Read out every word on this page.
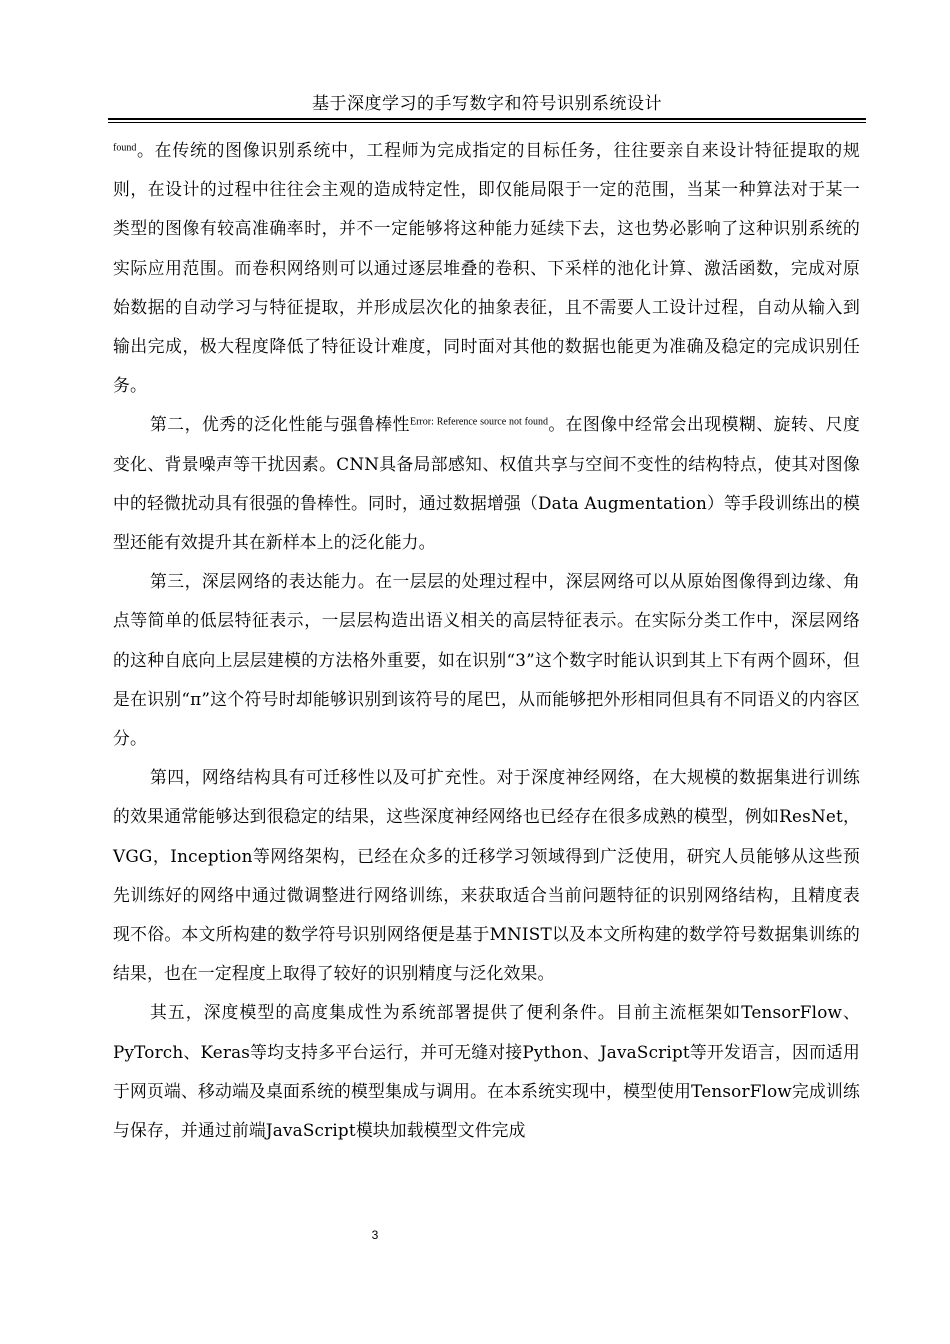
基于深度学习的手写数字和符号识别系统设计

$^{found}$。在传统的图像识别系统中，工程师为完成指定的目标任务，往往要亲自来设计特征提取的规则，在设计的过程中往往会主观的造成特定性，即仅能局限于一定的范围，当某一种算法对于某一类型的图像有较高准确率时，并不一定能够将这种能力延续下去，这也势必影响了这种识别系统的实际应用范围。而卷积网络则可以通过逐层堆叠的卷积、下采样的池化计算、激活函数，完成对原始数据的自动学习与特征提取，并形成层次化的抽象表征，且不需要人工设计过程，自动从输入到输出完成，极大程度降低了特征设计难度，同时面对其他的数据也能更为准确及稳定的完成识别任务。

第二，优秀的泛化性能与强鲁棒性$^{Error: Reference source not found}$。在图像中经常会出现模糊、旋转、尺度变化、背景噪声等干扰因素。CNN具备局部感知、权值共享与空间不变性的结构特点，使其对图像中的轻微扰动具有很强的鲁棒性。同时，通过数据增强（Data Augmentation）等手段训练出的模型还能有效提升其在新样本上的泛化能力。

第三，深层网络的表达能力。在一层层的处理过程中，深层网络可以从原始图像得到边缘、角点等简单的低层特征表示，一层层构造出语义相关的高层特征表示。在实际分类工作中，深层网络的这种自底向上层层建模的方法格外重要，如在识别“3”这个数字时能认识到其上下有两个圆环，但是在识别“π”这个符号时却能够识别到该符号的尾巴，从而能够把外形相同但具有不同语义的内容区分。

第四，网络结构具有可迁移性以及可扩充性。对于深度神经网络，在大规模的数据集进行训练的效果通常能够达到很稳定的结果，这些深度神经网络也已经存在很多成熟的模型，例如ResNet，VGG，Inception等网络架构，已经在众多的迁移学习领域得到广泛使用，研究人员能够从这些预先训练好的网络中通过微调整进行网络训练，来获取适合当前问题特征的识别网络结构，且精度表现不俗。本文所构建的数学符号识别网络便是基于MNIST以及本文所构建的数学符号数据集训练的结果，也在一定程度上取得了较好的识别精度与泛化效果。

其五，深度模型的高度集成性为系统部署提供了便利条件。目前主流框架如TensorFlow、PyTorch、Keras等均支持多平台运行，并可无缝对接Python、JavaScript等开发语言，因而适用于网页端、移动端及桌面系统的模型集成与调用。在本系统实现中，模型使用TensorFlow完成训练与保存，并通过前端JavaScript模块加载模型文件完成

3
